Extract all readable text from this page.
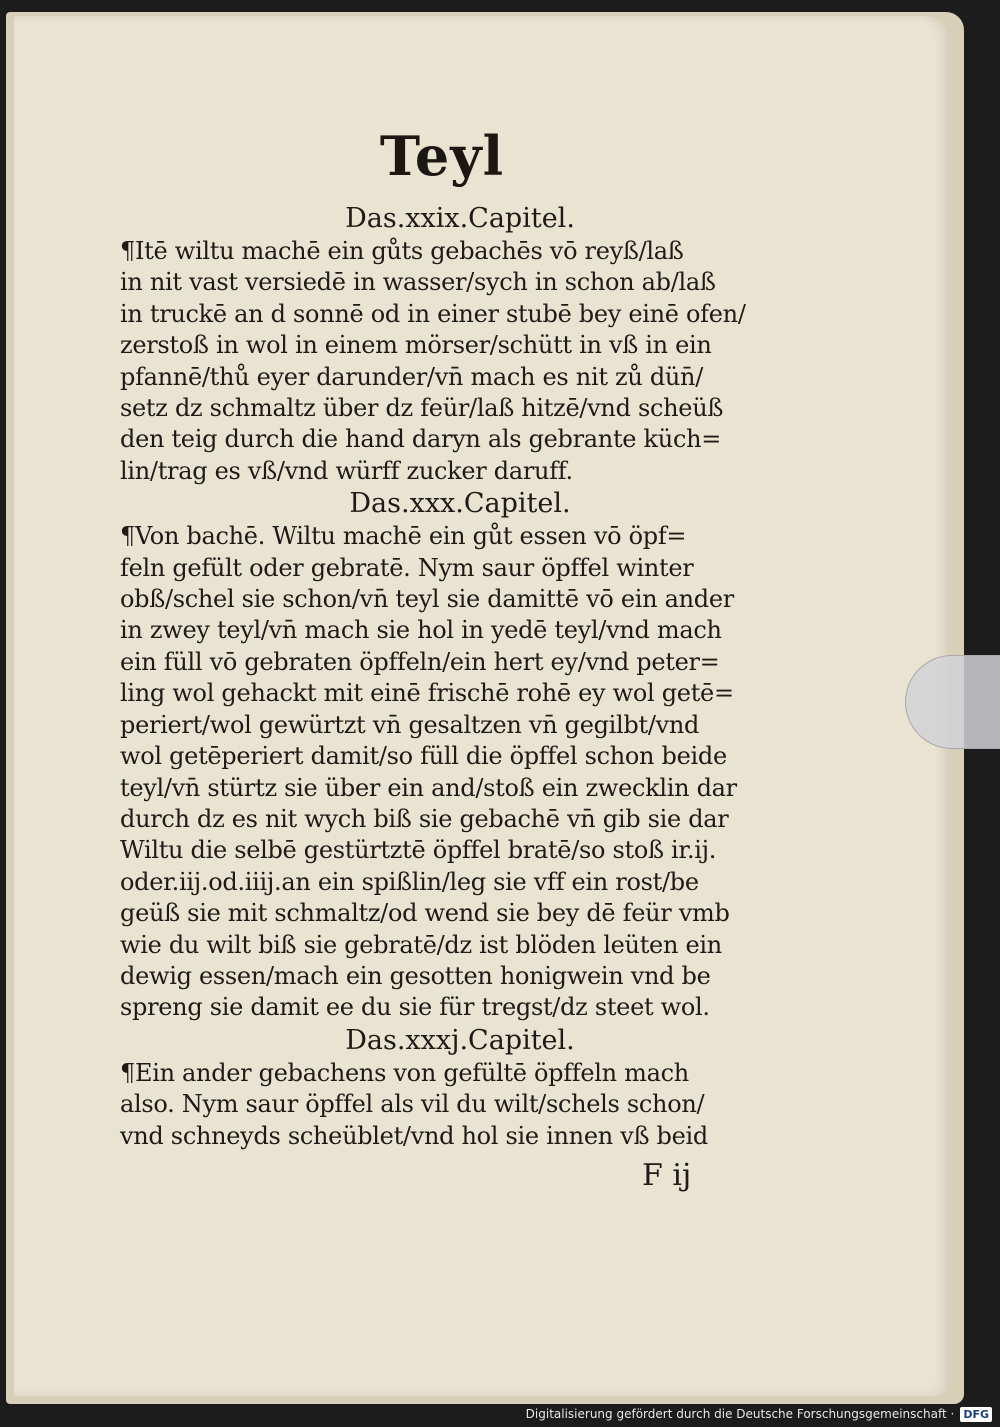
Teyl

Das.xxix.Capitel.

¶Itē wiltu machē ein gůts gebachēs vō reyß/laß

in nit vast versiedē in wasser/sych in schon ab/laß

in truckē an d sonnē od in einer stubē bey einē ofen/

zerstoß in wol in einem mörser/schütt in vß in ein

pfannē/thů eyer darunder/vn̄ mach es nit zů dün̄/

setz dz schmaltz über dz feür/laß hitzē/vnd scheüß

den teig durch die hand daryn als gebrante küch=

lin/trag es vß/vnd würff zucker daruff.

Das.xxx.Capitel.

¶Von bachē. Wiltu machē ein gůt essen vō öpf=

feln gefült oder gebratē. Nym saur öpffel winter

obß/schel sie schon/vn̄ teyl sie damittē vō ein ander

in zwey teyl/vn̄ mach sie hol in yedē teyl/vnd mach

ein füll vō gebraten öpffeln/ein hert ey/vnd peter=

ling wol gehackt mit einē frischē rohē ey wol getē=

periert/wol gewürtzt vn̄ gesaltzen vn̄ gegilbt/vnd

wol getēperiert damit/so füll die öpffel schon beide

teyl/vn̄ stürtz sie über ein and/stoß ein zwecklin dar

durch dz es nit wych biß sie gebachē vn̄ gib sie dar

Wiltu die selbē gestürtztē öpffel bratē/so stoß ir.ij.

oder.iij.od.iiij.an ein spißlin/leg sie vff ein rost/be

geüß sie mit schmaltz/od wend sie bey dē feür vmb

wie du wilt biß sie gebratē/dz ist blöden leüten ein

dewig essen/mach ein gesotten honigwein vnd be

spreng sie damit ee du sie für tregst/dz steet wol.

Das.xxxj.Capitel.

¶Ein ander gebachens von gefültē öpffeln mach

also. Nym saur öpffel als vil du wilt/schels schon/

vnd schneyds scheüblet/vnd hol sie innen vß beid

F ij
Digitalisierung gefördert durch die Deutsche Forschungsgemeinschaft · DFG
